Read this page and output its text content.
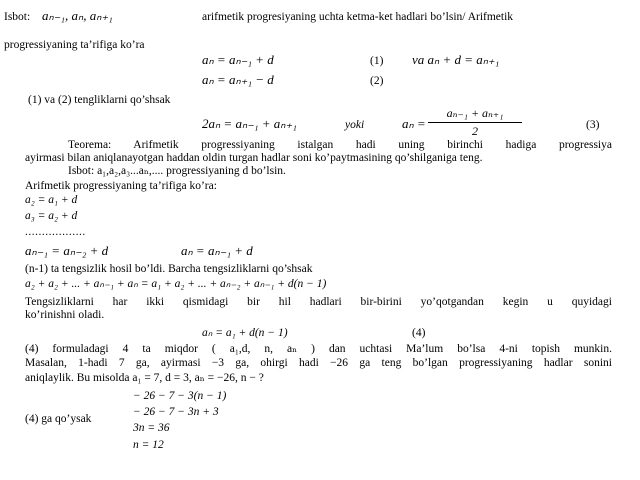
Isbot: aₙ₋₁, aₙ, aₙ₊₁	arifmetik progresiyaning uchta ketma-ket hadlari bo’lsin/ Arifmetik
progressiyaning ta’rifiga ko’ra
aₙ = aₙ₋₁ + d	(1) va aₙ + d = aₙ₊₁
aₙ = aₙ₊₁ − d	(2)
(1) va (2) tengliklarni qo’shsak
2aₙ = aₙ₋₁ + aₙ₊₁	yoki	aₙ =
aₙ₋₁ + aₙ₊₁
2	(3)
Teorema: Arifmetik progressiyaning istalgan hadi uning birinchi hadiga progressiya
ayirmasi bilan aniqlanayotgan haddan oldin turgan hadlar soni ko’paytmasining qo’shilganiga teng.
Isbot: a₁,a₂,a₃...aₙ,.... progressiyaning d bo’lsin.
Arifmetik progressiyaning ta’rifiga ko’ra:
a₂ = a₁ + d
a₃ = a₂ + d
..................
aₙ₋₁ = aₙ₋₂ + d	aₙ = aₙ₋₁ + d
(n-1) ta tengsizlik hosil bo’ldi. Barcha tengsizliklarni qo’shsak
a₂ + a₂ + ... + aₙ₋₁ + aₙ = a₁ + a₂ + ... + aₙ₋₂ + aₙ₋₁ + d(n − 1)
Tengsizliklarni har ikki qismidagi bir hil hadlari bir-birini yo’qotgandan kegin u quyidagi
ko’rinishni oladi.
aₙ = a₁ + d(n − 1)	(4)
(4) formuladagi 4 ta miqdor ( a₁,d, n, aₙ ) dan uchtasi Ma’lum bo’lsa 4-ni topish munkin.
Masalan, 1-hadi 7 ga, ayirmasi −3 ga, ohirgi hadi −26 ga teng bo’lgan progressiyaning hadlar sonini
aniqlaylik. Bu misolda a₁ = 7, d = 3, aₙ = −26, n − ?
− 26 − 7 − 3(n − 1)
− 26 − 7 − 3n + 3
(4) ga qo’ysak
3n = 36
n = 12
